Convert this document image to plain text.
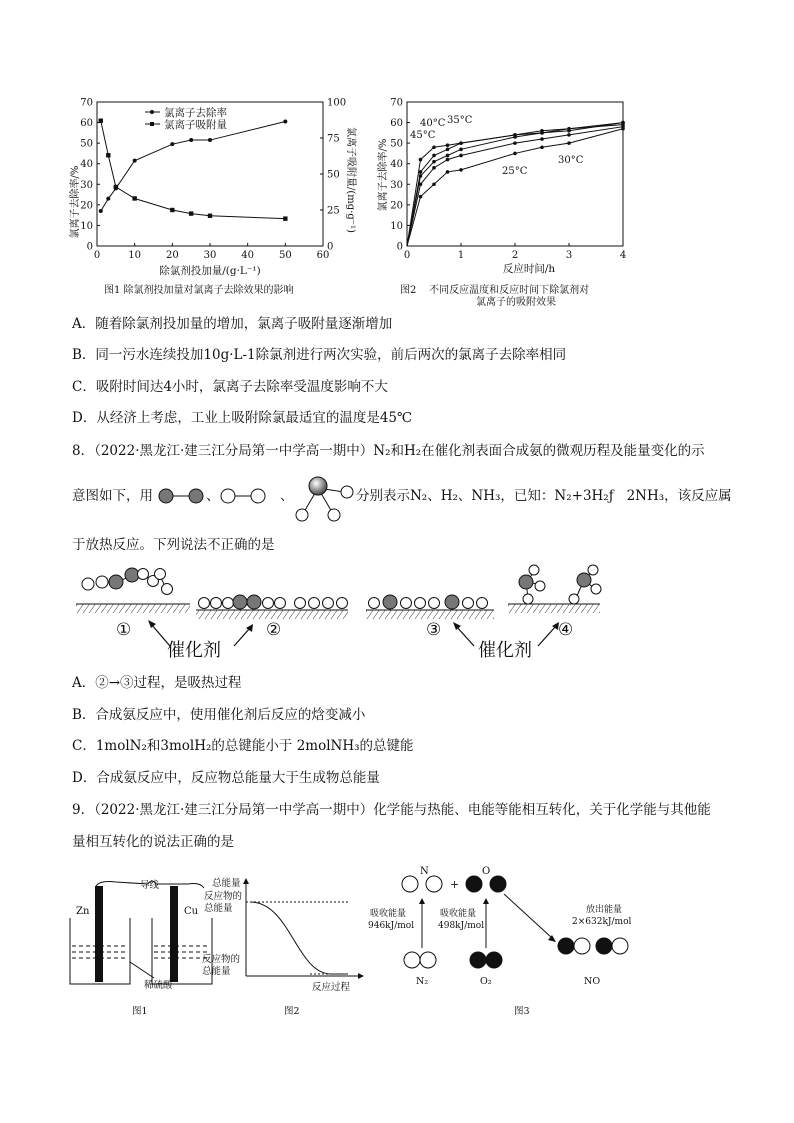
0	10 20 30 40 50 60
0
10
20
30
40
50
60
70
0
25
50
75
100
氯离子去除率
氯离子吸附量
氯离子去除率/%	氯离子吸附量/(mg·g⁻¹)
除氯剂投加量/(g·L⁻¹)
图1 除氯剂投加量对氯离子去除效果的影响
0	1	2	3	4
0
10
20
30
40
50
60
70
氯离子去除率/%
反应时间/h
40°C 35°C
45°C
25°C
30°C
图2    不同反应温度和反应时间下除氯剂对
氯离子的吸附效果
A．随着除氯剂投加量的增加，氯离子吸附量逐渐增加
B．同一污水连续投加10g·L-1除氯剂进行两次实验，前后两次的氯离子去除率相同
C．吸附时间达4小时，氯离子去除率受温度影响不大
D．从经济上考虑，工业上吸附除氯最适宜的温度是45℃
8．（2022·黑龙江·建三江分局第一中学高一期中）N₂和H₂在催化剂表面合成氨的微观历程及能量变化的示
意图如下，用	、	、	分别表示N₂、H₂、NH₃，已知：N₂+3H₂ƒ   2NH₃，该反应属
于放热反应。下列说法不正确的是
①	②	③	④
催化剂	催化剂
A．②→③过程，是吸热过程
B．合成氨反应中，使用催化剂后反应的焓变减小
C．1molN₂和3molH₂的总键能小于 2molNH₃的总键能
D．合成氨反应中，反应物总能量大于生成物总能量
9．（2022·黑龙江·建三江分局第一中学高一期中）化学能与热能、电能等能相互转化，关于化学能与其他能
量相互转化的说法正确的是
导线
Zn	Cu
稀硫酸
图1
总能量
反应物的
总能量
反应物的
总能量
反应过程
图2
N
+
O
吸收能量
946kJ/mol
吸收能量
498kJ/mol
放出能量
2×632kJ/mol
N₂	O₂	NO
图3
